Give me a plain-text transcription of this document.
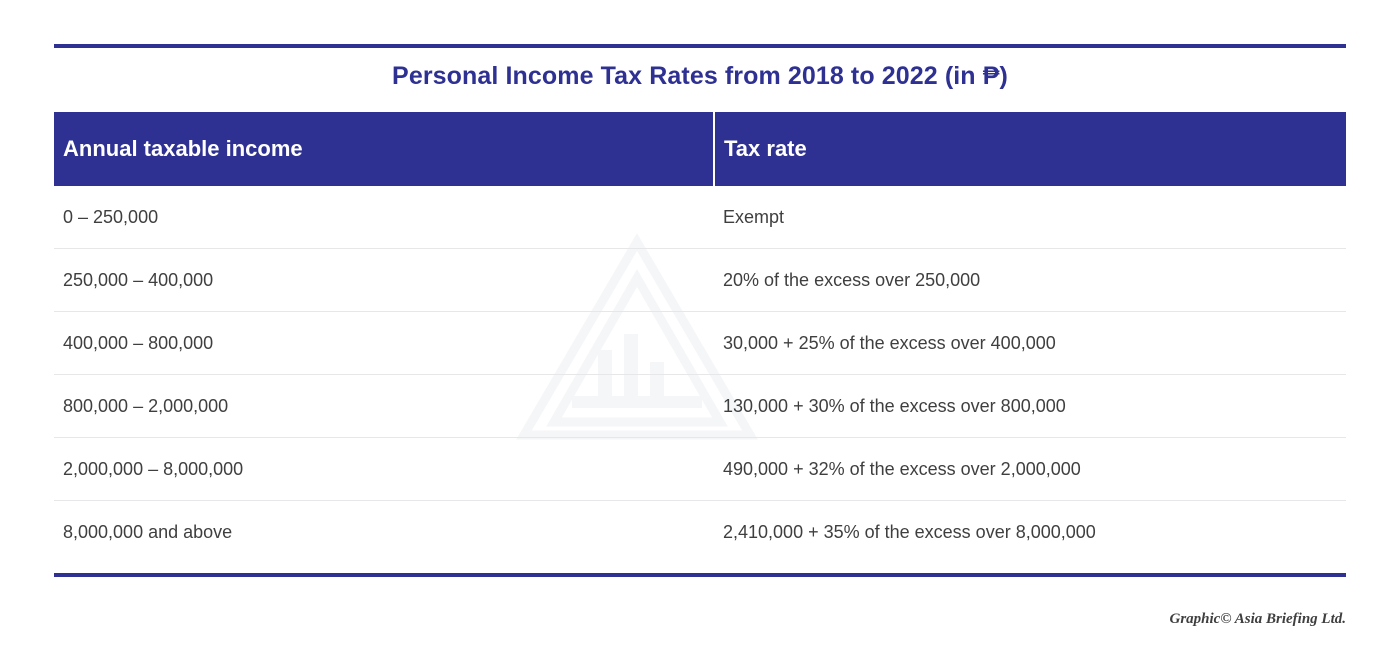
Personal Income Tax Rates from 2018 to 2022 (in ₱)
Annual taxable income	Tax rate
0 – 250,000	Exempt
250,000 – 400,000	20% of the excess over 250,000
400,000 – 800,000	30,000 + 25% of the excess over 400,000
800,000 – 2,000,000	130,000 + 30% of the excess over 800,000
2,000,000 – 8,000,000	490,000 + 32% of the excess over 2,000,000
8,000,000 and above	2,410,000 + 35% of the excess over 8,000,000
Graphic© Asia Briefing Ltd.
